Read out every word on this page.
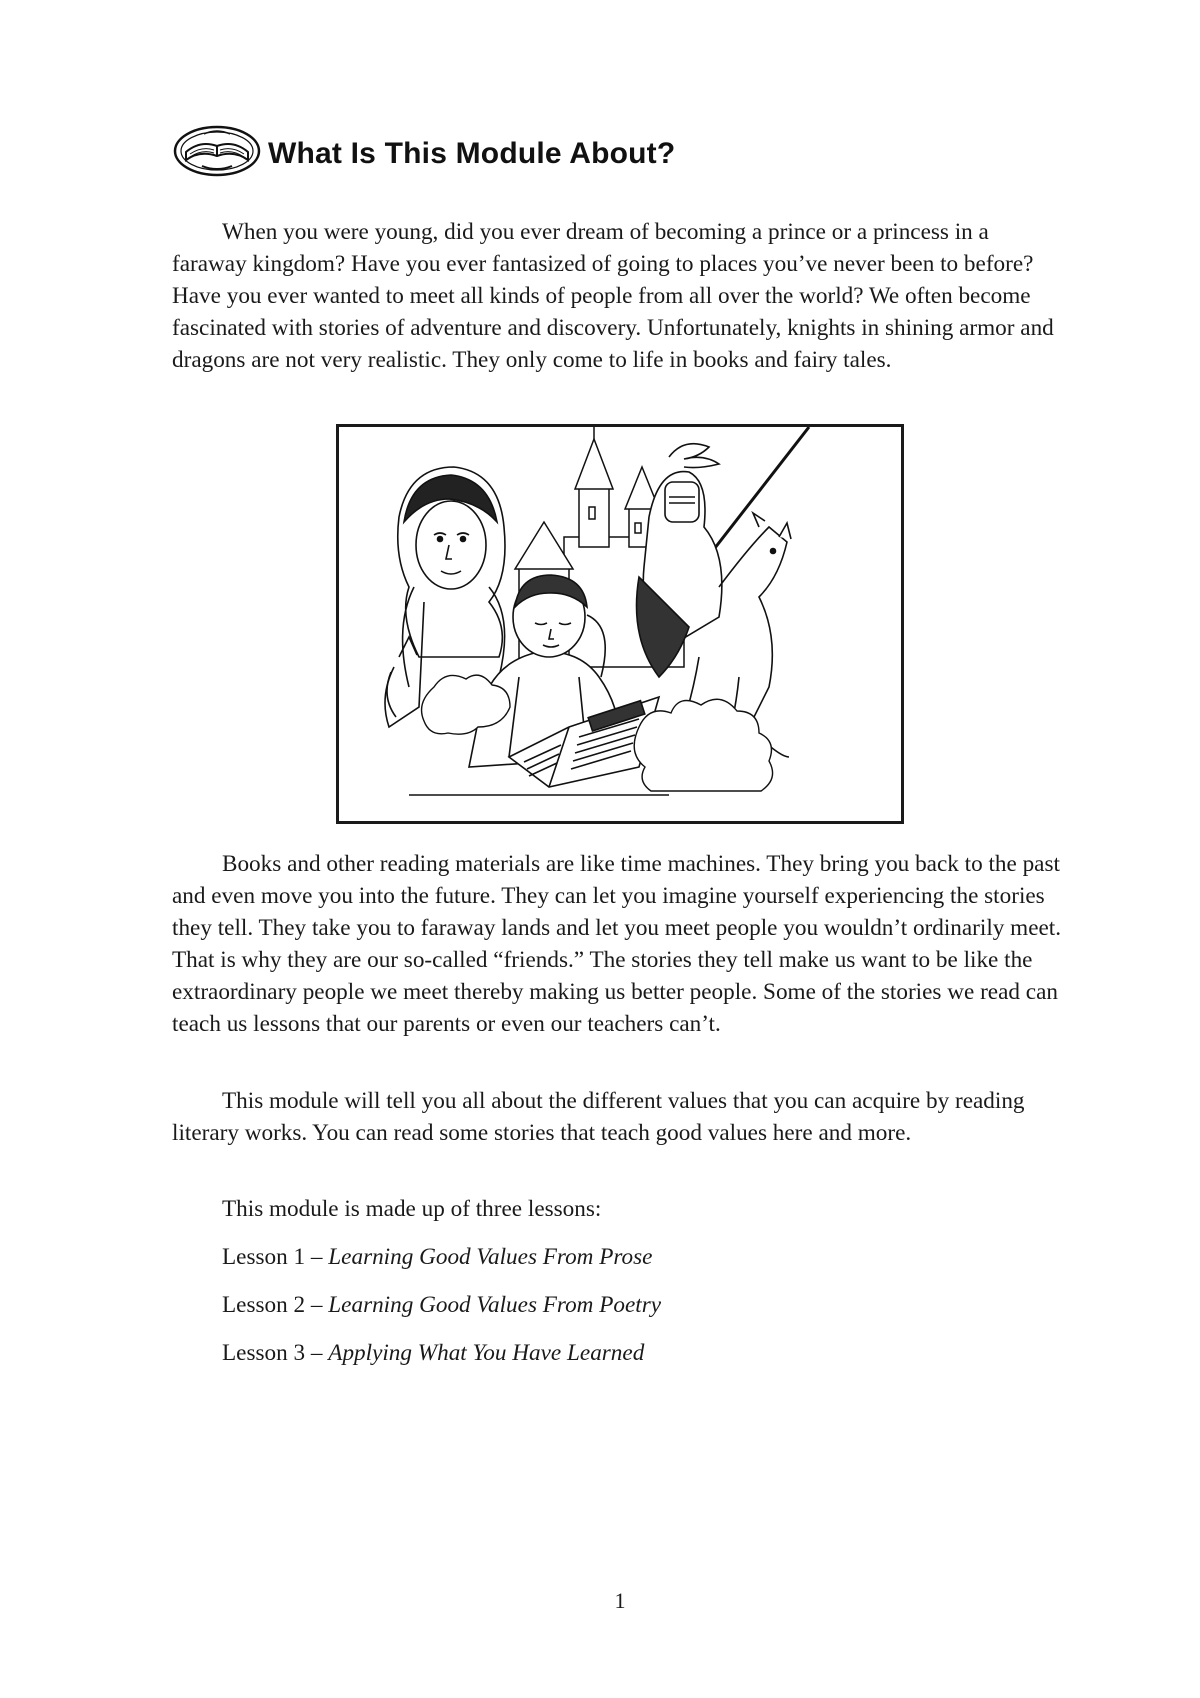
What Is This Module About?

When you were young, did you ever dream of becoming a prince or a princess in a faraway kingdom? Have you ever fantasized of going to places you’ve never been to before? Have you ever wanted to meet all kinds of people from all over the world? We often become fascinated with stories of adventure and discovery. Unfortunately, knights in shining armor and dragons are not very realistic. They only come to life in books and fairy tales.

Books and other reading materials are like time machines. They bring you back to the past and even move you into the future. They can let you imagine yourself experiencing the stories they tell. They take you to faraway lands and let you meet people you wouldn’t ordinarily meet. That is why they are our so-called “friends.” The stories they tell make us want to be like the extraordinary people we meet thereby making us better people. Some of the stories we read can teach us lessons that our parents or even our teachers can’t.

This module will tell you all about the different values that you can acquire by reading literary works. You can read some stories that teach good values here and more.

This module is made up of three lessons:
Lesson 1 – Learning Good Values From Prose
Lesson 2 – Learning Good Values From Poetry
Lesson 3 – Applying What You Have Learned
1
